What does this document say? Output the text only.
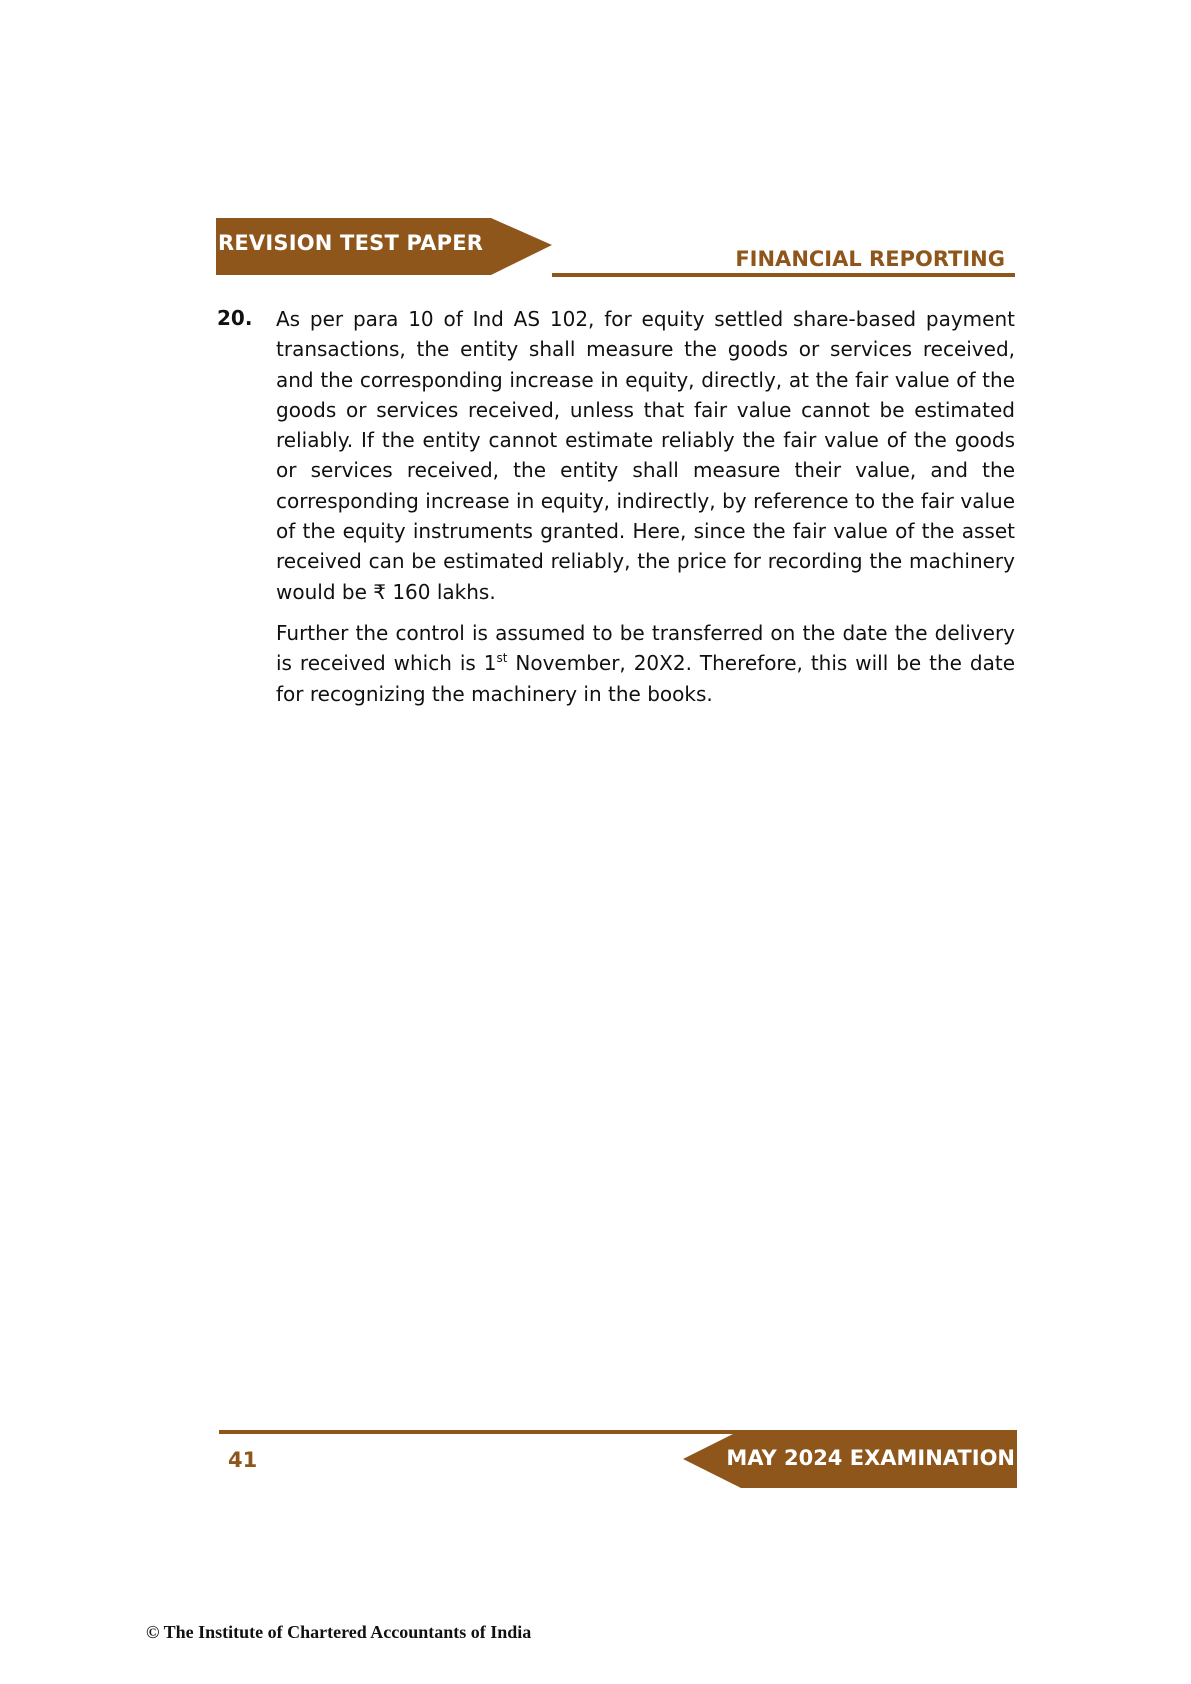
REVISION TEST PAPER
FINANCIAL REPORTING
20. As per para 10 of Ind AS 102, for equity settled share-based payment transactions, the entity shall measure the goods or services received, and the corresponding increase in equity, directly, at the fair value of the goods or services received, unless that fair value cannot be estimated reliably. If the entity cannot estimate reliably the fair value of the goods or services received, the entity shall measure their value, and the corresponding increase in equity, indirectly, by reference to the fair value of the equity instruments granted. Here, since the fair value of the asset received can be estimated reliably, the price for recording the machinery would be ₹ 160 lakhs.

Further the control is assumed to be transferred on the date the delivery is received which is 1st November, 20X2. Therefore, this will be the date for recognizing the machinery in the books.

41	MAY 2024 EXAMINATION
© The Institute of Chartered Accountants of India
